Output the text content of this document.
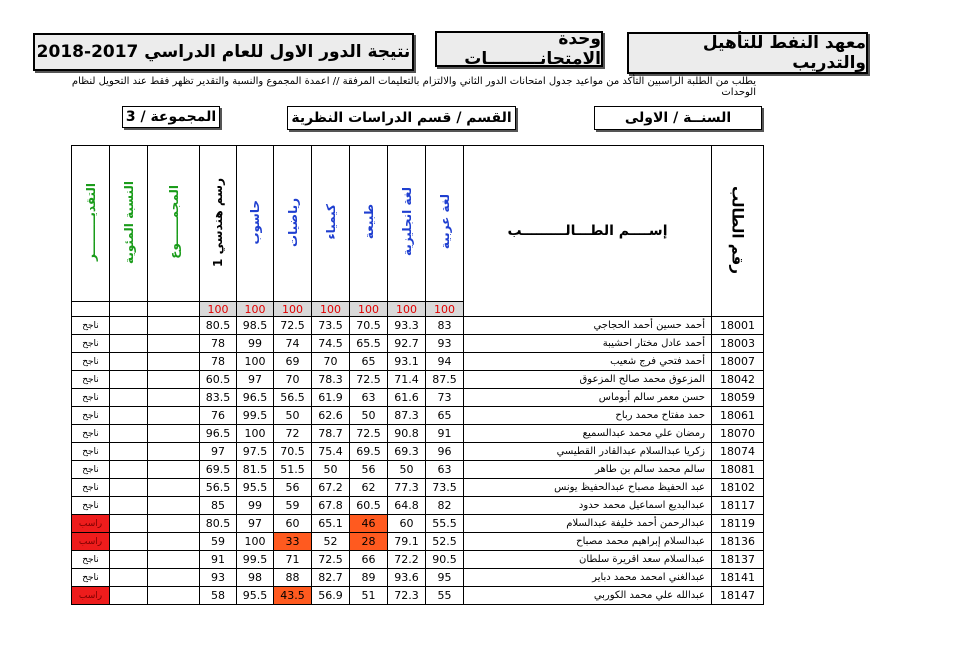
معهد النفط للتأهيل والتدريب
وحدة الامتحانـــــــــات
نتيجة الدور الاول للعام الدراسي 2017-2018
يطلب من الطلبة الراسبين التأكد من مواعيد جدول امتحانات الدور الثاني والالتزام بالتعليمات المرفقة // اعمدة المجموع والنسبة والتقدير تظهر فقط عند التحويل لنظام الوحدات
السنــة / الاولى
القسم / قسم الدراسات النظرية
المجموعة / 3
التقديـــــــــر	النسبة المئوية	المجمــــــوع	رسم هندسي 1	حاسوب	رياضيات	كيمياء	طبيعة	لغة انجليزية	لغة عربية	إســــم الطـــالـــــــــب	رقم الطالب
			100	100	100	100	100	100	100		
ناجح			80.5	98.5	72.5	73.5	70.5	93.3	83	أحمد حسين أحمد الحجاجي	18001
ناجح			78	99	74	74.5	65.5	92.7	93	أحمد عادل مختار احشيبة	18003
ناجح			78	100	69	70	65	93.1	94	أحمد فتحي فرج شعيب	18007
ناجح			60.5	97	70	78.3	72.5	71.4	87.5	المزعوق محمد صالح المزعوق	18042
ناجح			83.5	96.5	56.5	61.9	63	61.6	73	حسن معمر سالم أبوماس	18059
ناجح			76	99.5	50	62.6	50	87.3	65	حمد مفتاح محمد رباح	18061
ناجح			96.5	100	72	78.7	72.5	90.8	91	رمضان علي محمد عبدالسميع	18070
ناجح			97	97.5	70.5	75.4	69.5	69.3	96	زكريا عبدالسلام عبدالقادر القطيسي	18074
ناجح			69.5	81.5	51.5	50	56	50	63	سالم محمد سالم بن طاهر	18081
ناجح			56.5	95.5	56	67.2	62	77.3	73.5	عبد الحفيظ مصباح عبدالحفيظ يونس	18102
ناجح			85	99	59	67.8	60.5	64.8	82	عبدالبديع اسماعيل محمد حدود	18117
راسب			80.5	97	60	65.1	46	60	55.5	عبدالرحمن أحمد خليفة عبدالسلام	18119
راسب			59	100	33	52	28	79.1	52.5	عبدالسلام إبراهيم محمد مصباح	18136
ناجح			91	99.5	71	72.5	66	72.2	90.5	عبدالسلام سعد اقريرة سلطان	18137
ناجح			93	98	88	82.7	89	93.6	95	عبدالغني امحمد محمد دباير	18141
راسب			58	95.5	43.5	56.9	51	72.3	55	عبدالله علي محمد الكوربي	18147
